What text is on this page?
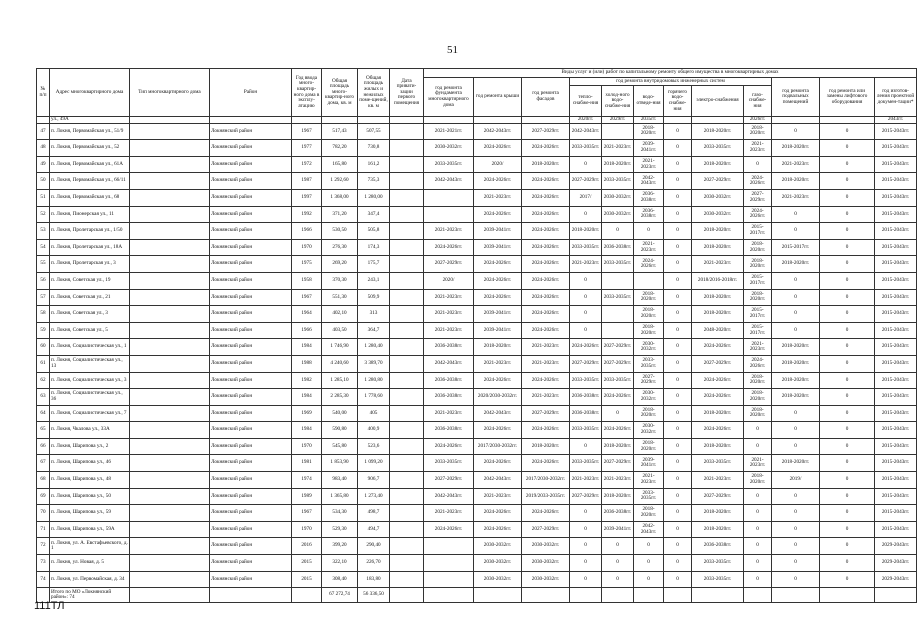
51
№ п/п	Адрес многоквартирного дома	Тип многоквартирного дома	Район	Год ввода много-квартир-ного дома в эксплу-атацию	Общая площадь много-квартир-ного дома, кв. м	Общая площадь жилых и нежилых поме-щений, кв. м	Дата привати-зации первого помещения	Виды услуг и (или) работ по капитальному ремонту общего имущества в многоквартирных домах											
								год ремонта фундамента многоквартирного дома	год ремонта крыши	год ремонта фасадов	год ремонта внутридомовых инженерных систем						год ремонта подвальных помещений	год ремонта или замены лифтового оборудования	год изготов-ления проектной докумен-тации*
											тепло-снабже-ния	холод-ного водо-снабже-ния	водо-отведе-ния	горячего водо-снабже-ния	электро-снабжения	газо-снабже-ния			
	ул., 49А										2020гг.	2029гг.	2035гг.			2026гг.			2043гг.
47	п. Локня, Первомайская ул., 51/9		Локнянский район	1967	517,43	507,55		2021-2021гг.	2042-2043гг.	2027-2029гг.	2042-2043гг.		2018-2020гг.	0	2018-2020гг.	2018-2020гг.	0	0	2015-2043гг.
48	п. Локня, Первомайская ул., 52		Локнянский район	1977	782,20	730,8		2030-2032гг.	2024-2026гг.	2024-2026гг.	2033-2035гг.	2021-2023гг.	2039-2041гг.	0	2033-2035гг.	2021-2023гг.	2018-2020гг.	0	2015-2043гг.
49	п. Локня, Первомайская ул., 61А		Локнянский район	1972	165,80	161,2		2033-2035гг.	2020/	2018-2020гг.	0	2018-2020гг.	2021-2023гг.	0	2018-2020гг.	0	2021-2023гг.	0	2015-2043гг.
50	п. Локня, Первомайская ул., 66/11		Локнянский район	1987	1 292,60	735,3		2042-2043гг.	2024-2026гг.	2024-2026гг.	2027-2029гг.	2033-2035гг.	2042-2043гг.	0	2027-2029гг.	2024-2026гг.	2018-2020гг.	0	2015-2043гг.
51	п. Локня, Первомайская ул., 68		Локнянский район	1997	1 368,00	1 280,00			2021-2023гг.	2024-2026гг.	2017/	2030-2032гг.	2036-2038гг.	0	2030-2032гг.	2027-2029гг.	2021-2023гг.	0	2015-2043гг.
52	п. Локня, Пионерская ул., 11		Локнянский район	1992	371,20	347,4			2024-2026гг.	2024-2026гг.	0	2030-2032гг.	2036-2038гг.	0	2030-2032гг.	2024-2026гг.	0	0	2015-2043гг.
53	п. Локня, Пролетарская ул., 1/50		Локнянский район	1966	530,50	505,8		2021-2023гг.	2039-2041гг.	2024-2026гг.	2018-2020гг.	0	0	0	2018-2020гг.	2015-2017гг.	0	0	2015-2043гг.
54	п. Локня, Пролетарская ул., 18А		Локнянский район	1970	276,30	174,3		2024-2026гг.	2039-2041гг.	2024-2026гг.	2033-2035гг.	2036-2038гг.	2021-2023гг.	0	2018-2020гг.	2018-2020гг.	2015-2017гг.	0	2015-2043гг.
55	п. Локня, Пролетарская ул., 3		Локнянский район	1975	269,20	175,7		2027-2029гг.	2024-2026гг.	2024-2026гг.	2021-2023гг.	2033-2035гг.	2024-2026гг.	0	2021-2023гг.	2018-2020гг.	2018-2020гг.	0	2015-2043гг.
56	п. Локня, Советская ул., 19		Локнянский район	1958	370,30	243,1		2020/	2024-2026гг.	2024-2026гг.	0			0	2018/2016-2018гг.	2015-2017гг.	0	0	2015-2043гг.
57	п. Локня, Советская ул., 21		Локнянский район	1967	551,30	509,9		2021-2023гг.	2024-2026гг.	2024-2026гг.	0	2033-2035гг.	2018-2020гг.	0	2018-2020гг.	2018-2020гг.	0	0	2015-2043гг.
58	п. Локня, Советская ул., 3		Локнянский район	1964	402,10	313		2021-2023гг.	2039-2041гг.	2024-2026гг.	0		2018-2020гг.	0	2018-2020гг.	2015-2017гг.	0	0	2015-2043гг.
59	п. Локня, Советская ул., 5		Локнянский район	1966	403,50	364,7		2021-2023гг.	2039-2041гг.	2024-2026гг.	0		2018-2020гг.	0	2048-2020гг.	2015-2017гг.	0	0	2015-2043гг.
60	п. Локня, Социалистическая ул., 1		Локнянский район	1984	1 746,90	1 280,40		2036-2038гг.	2018-2020гг.	2021-2023гг.	2024-2026гг.	2027-2029гг.	2030-2032гг.	0	2024-2026гг.	2021-2023гг.	2018-2020гг.	0	2015-2043гг.
61	п. Локня, Социалистическая ул., 13		Локнянский район	1988	4 240,60	3 389,70		2042-2043гг.	2021-2023гг.	2021-2023гг.	2027-2029гг.	2027-2029гг.	2033-2035гг.	0	2027-2029гг.	2024-2026гг.	2018-2020гг.	0	2015-2043гг.
62	п. Локня, Социалистическая ул., 3		Локнянский район	1982	1 285,10	1 280,80		2036-2038гг.	2024-2026гг.	2024-2026гг.	2033-2035гг.	2033-2035гг.	2027-2029гг.	0	2024-2026гг.	2018-2020гг.	2018-2020гг.	0	2015-2043гг.
63	п. Локня, Социалистическая ул., 36		Локнянский район	1984	2 285,30	1 778,60		2036-2038гг.	2020/2030-2032гг.	2021-2023гг.	2036-2038гг.	2024-2026гг.	2030-2032гг.	0	2024-2026гг.	2018-2020гг.	2018-2020гг.	0	2015-2043гг.
64	п. Локня, Социалистическая ул., 7		Локнянский район	1969	540,00	405		2021-2023гг.	2042-2043гг.	2027-2029гг.	2036-2038гг.	0	2018-2020гг.	0	2018-2020гг.	2018-2020гг.	0	0	2015-2043гг.
65	п. Локня, Чкалова ул., 33А		Локнянский район	1984	590,80	400,9		2036-2038гг.	2024-2026гг.	2024-2026гг.	2033-2035гг.	2024-2026гг.	2030-2032гг.	0	2024-2026гг.	0	0	0	2015-2043гг.
66	п. Локня, Шарипова ул., 2		Локнянский район	1970	545,80	523,6		2024-2026гг.	2017/2030-2032гг.	2018-2020гг.	0	2018-2020гг.	2018-2020гг.	0	2018-2020гг.	0	0	0	2015-2043гг.
67	п. Локня, Шарипова ул., 46		Локнянский район	1981	1 853,90	1 099,20		2033-2035гг.	2024-2026гг.	2024-2026гг.	2033-2035гг.	2027-2029гг.	2039-2041гг.	0	2033-2035гг.	2021-2023гг.	2018-2020гг.	0	2015-2043гг.
68	п. Локня, Шарипова ул., 48		Локнянский район	1974	983,40	906,7		2027-2029гг.	2042-2043гг.	2017/2030-2032гг.	2021-2023гг.	2021-2023гг.	2021-2023гг.	0	2021-2023гг.	2018-2020гг.	2019/	0	2015-2043гг.
69	п. Локня, Шарипова ул., 50		Локнянский район	1989	1 365,80	1 273,40		2042-2043гг.	2021-2023гг.	2019/2033-2035гг.	2027-2029гг.	2018-2020гг.	2033-2035гг.	0	2027-2029гг.	0	0	0	2015-2043гг.
70	п. Локня, Шарипова ул., 59		Локнянский район	1967	534,30	498,7		2021-2023гг.	2024-2026гг.	2024-2026гг.	0	2036-2038гг.	2018-2020гг.	0	2018-2020гг.	0	0	0	2015-2043гг.
71	п. Локня, Шарипова ул., 59А		Локнянский район	1970	529,30	494,7		2024-2026гг.	2024-2026гг.	2027-2029гг.	0	2039-2041гг.	2042-2043гг.	0	2018-2020гг.	0	0	0	2015-2043гг.
72	п. Локня, ул. А. Евстафьевского, д. 1		Локнянский район	2016	399,20	290,40			2030-2032гг.	2030-2032гг.	0	0	0	0	2036-2038гг.	0	0	0	2029-2043гг.
73	п. Локня, ул. Новая, д. 5		Локнянский район	2015	322,10	226,70			2030-2032гг.	2030-2032гг.	0	0	0	0	2033-2035гг.	0	0	0	2029-2043гг.
74	п. Локня, ул. Первомайская, д. 34		Локнянский район	2015	308,40	183,80			2030-2032гг.	2030-2032гг.	0	0	0	0	2033-2035гг.	0	0	0	2029-2043гг.
	Итого по МО «Локнянский район»: 74				67 272,74	56 336,50													
111ТЛ
